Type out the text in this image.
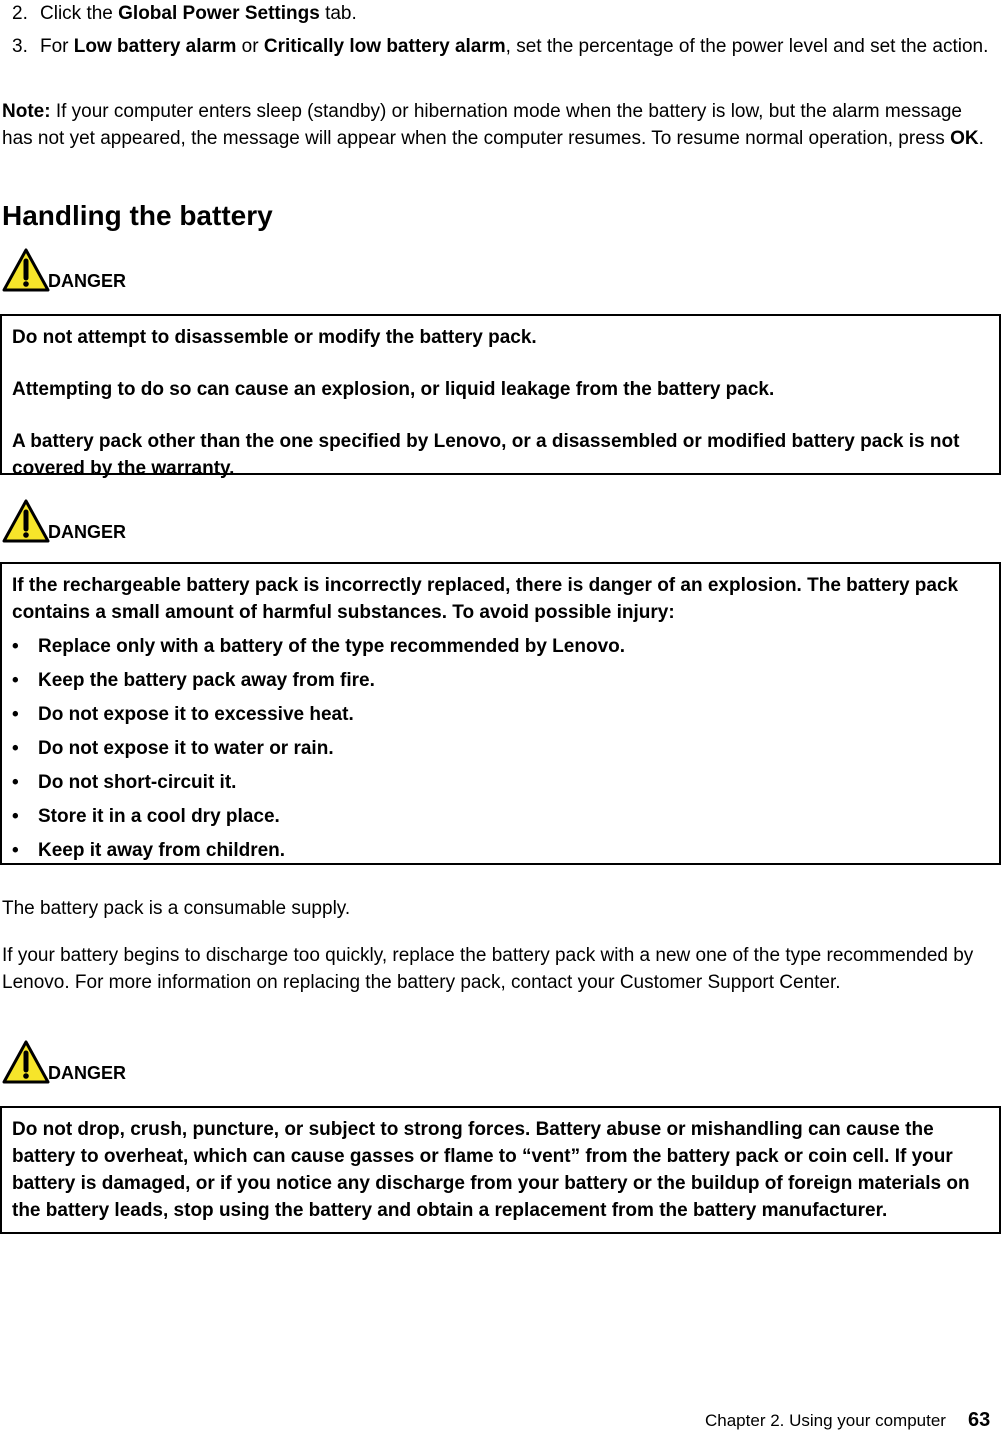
2. Click the Global Power Settings tab.
3. For Low battery alarm or Critically low battery alarm, set the percentage of the power level and set the action.

Note: If your computer enters sleep (standby) or hibernation mode when the battery is low, but the alarm message has not yet appeared, the message will appear when the computer resumes. To resume normal operation, press OK.

Handling the battery
DANGER

Do not attempt to disassemble or modify the battery pack.

Attempting to do so can cause an explosion, or liquid leakage from the battery pack.

A battery pack other than the one specified by Lenovo, or a disassembled or modified battery pack is not covered by the warranty.

DANGER

If the rechargeable battery pack is incorrectly replaced, there is danger of an explosion. The battery pack contains a small amount of harmful substances. To avoid possible injury:

•	Replace only with a battery of the type recommended by Lenovo.
•	Keep the battery pack away from fire.
•	Do not expose it to excessive heat.
•	Do not expose it to water or rain.
•	Do not short-circuit it.
•	Store it in a cool dry place.
•	Keep it away from children.

The battery pack is a consumable supply.

If your battery begins to discharge too quickly, replace the battery pack with a new one of the type recommended by Lenovo. For more information on replacing the battery pack, contact your Customer Support Center.

DANGER

Do not drop, crush, puncture, or subject to strong forces. Battery abuse or mishandling can cause the battery to overheat, which can cause gasses or flame to “vent” from the battery pack or coin cell. If your battery is damaged, or if you notice any discharge from your battery or the buildup of foreign materials on the battery leads, stop using the battery and obtain a replacement from the battery manufacturer.

Chapter 2. Using your computer 63
